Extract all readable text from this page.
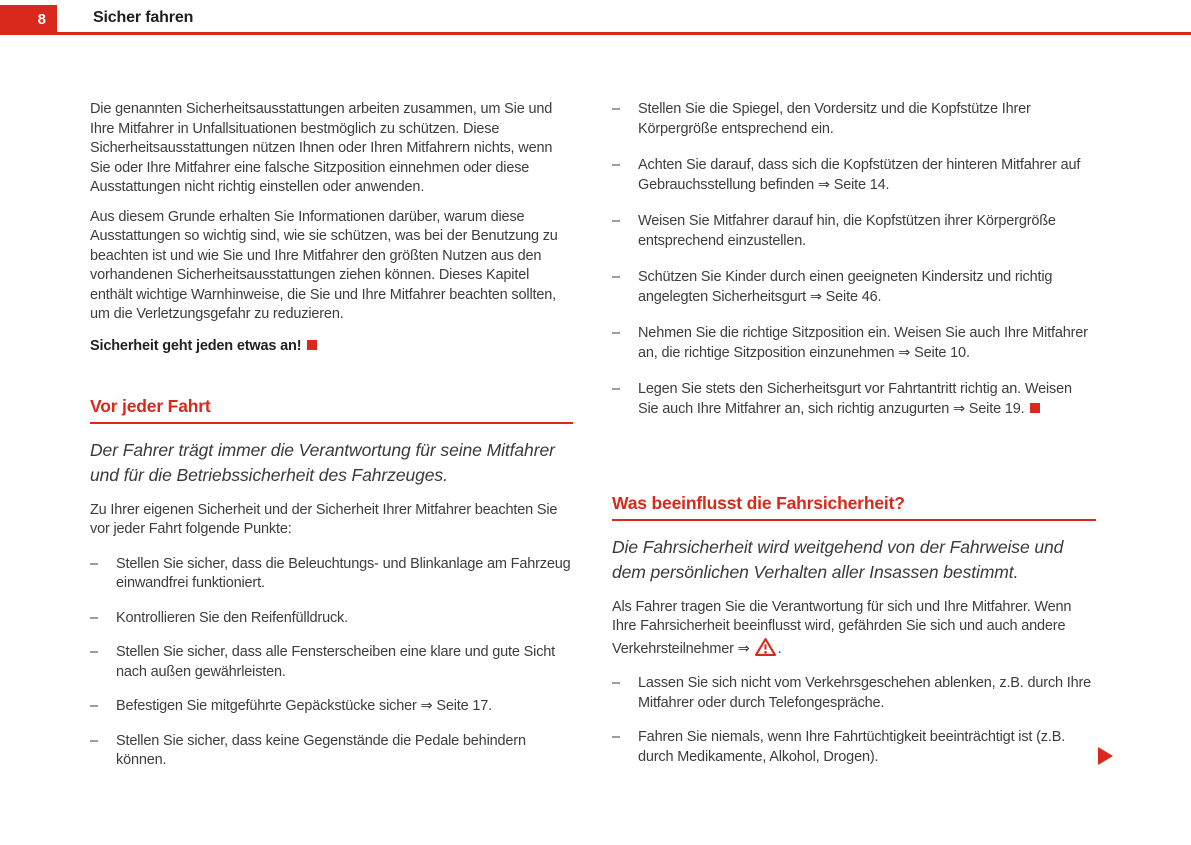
8	Sicher fahren

Die genannten Sicherheitsausstattungen arbeiten zusammen, um Sie und Ihre Mitfahrer in Unfallsituationen bestmöglich zu schützen. Diese Sicherheitsausstattungen nützen Ihnen oder Ihren Mitfahrern nichts, wenn Sie oder Ihre Mitfahrer eine falsche Sitzposition einnehmen oder diese Ausstattungen nicht richtig einstellen oder anwenden.

Aus diesem Grunde erhalten Sie Informationen darüber, warum diese Ausstattungen so wichtig sind, wie sie schützen, was bei der Benutzung zu beachten ist und wie Sie und Ihre Mitfahrer den größten Nutzen aus den vorhandenen Sicherheitsausstattungen ziehen können. Dieses Kapitel enthält wichtige Warnhinweise, die Sie und Ihre Mitfahrer beachten sollten, um die Verletzungsgefahr zu reduzieren.

Sicherheit geht jeden etwas an!

Vor jeder Fahrt

Der Fahrer trägt immer die Verantwortung für seine Mitfahrer und für die Betriebssicherheit des Fahrzeuges.

Zu Ihrer eigenen Sicherheit und der Sicherheit Ihrer Mitfahrer beachten Sie vor jeder Fahrt folgende Punkte:

–	Stellen Sie sicher, dass die Beleuchtungs- und Blinkanlage am Fahrzeug einwandfrei funktioniert.
–	Kontrollieren Sie den Reifenfülldruck.
–	Stellen Sie sicher, dass alle Fensterscheiben eine klare und gute Sicht nach außen gewährleisten.
–	Befestigen Sie mitgeführte Gepäckstücke sicher ⇒ Seite 17.
–	Stellen Sie sicher, dass keine Gegenstände die Pedale behindern können.
–	Stellen Sie die Spiegel, den Vordersitz und die Kopfstütze Ihrer Körpergröße entsprechend ein.
–	Achten Sie darauf, dass sich die Kopfstützen der hinteren Mitfahrer auf Gebrauchsstellung befinden ⇒ Seite 14.
–	Weisen Sie Mitfahrer darauf hin, die Kopfstützen ihrer Körpergröße entsprechend einzustellen.
–	Schützen Sie Kinder durch einen geeigneten Kindersitz und richtig angelegten Sicherheitsgurt ⇒ Seite 46.
–	Nehmen Sie die richtige Sitzposition ein. Weisen Sie auch Ihre Mitfahrer an, die richtige Sitzposition einzunehmen ⇒ Seite 10.
–	Legen Sie stets den Sicherheitsgurt vor Fahrtantritt richtig an. Weisen Sie auch Ihre Mitfahrer an, sich richtig anzugurten ⇒ Seite 19.
Was beeinflusst die Fahrsicherheit?

Die Fahrsicherheit wird weitgehend von der Fahrweise und dem persönlichen Verhalten aller Insassen bestimmt.

Als Fahrer tragen Sie die Verantwortung für sich und Ihre Mitfahrer. Wenn Ihre Fahrsicherheit beeinflusst wird, gefährden Sie sich und auch andere Verkehrsteilnehmer ⇒ .

–	Lassen Sie sich nicht vom Verkehrsgeschehen ablenken, z.B. durch Ihre Mitfahrer oder durch Telefongespräche.
–	Fahren Sie niemals, wenn Ihre Fahrtüchtigkeit beeinträchtigt ist (z.B. durch Medikamente, Alkohol, Drogen).
